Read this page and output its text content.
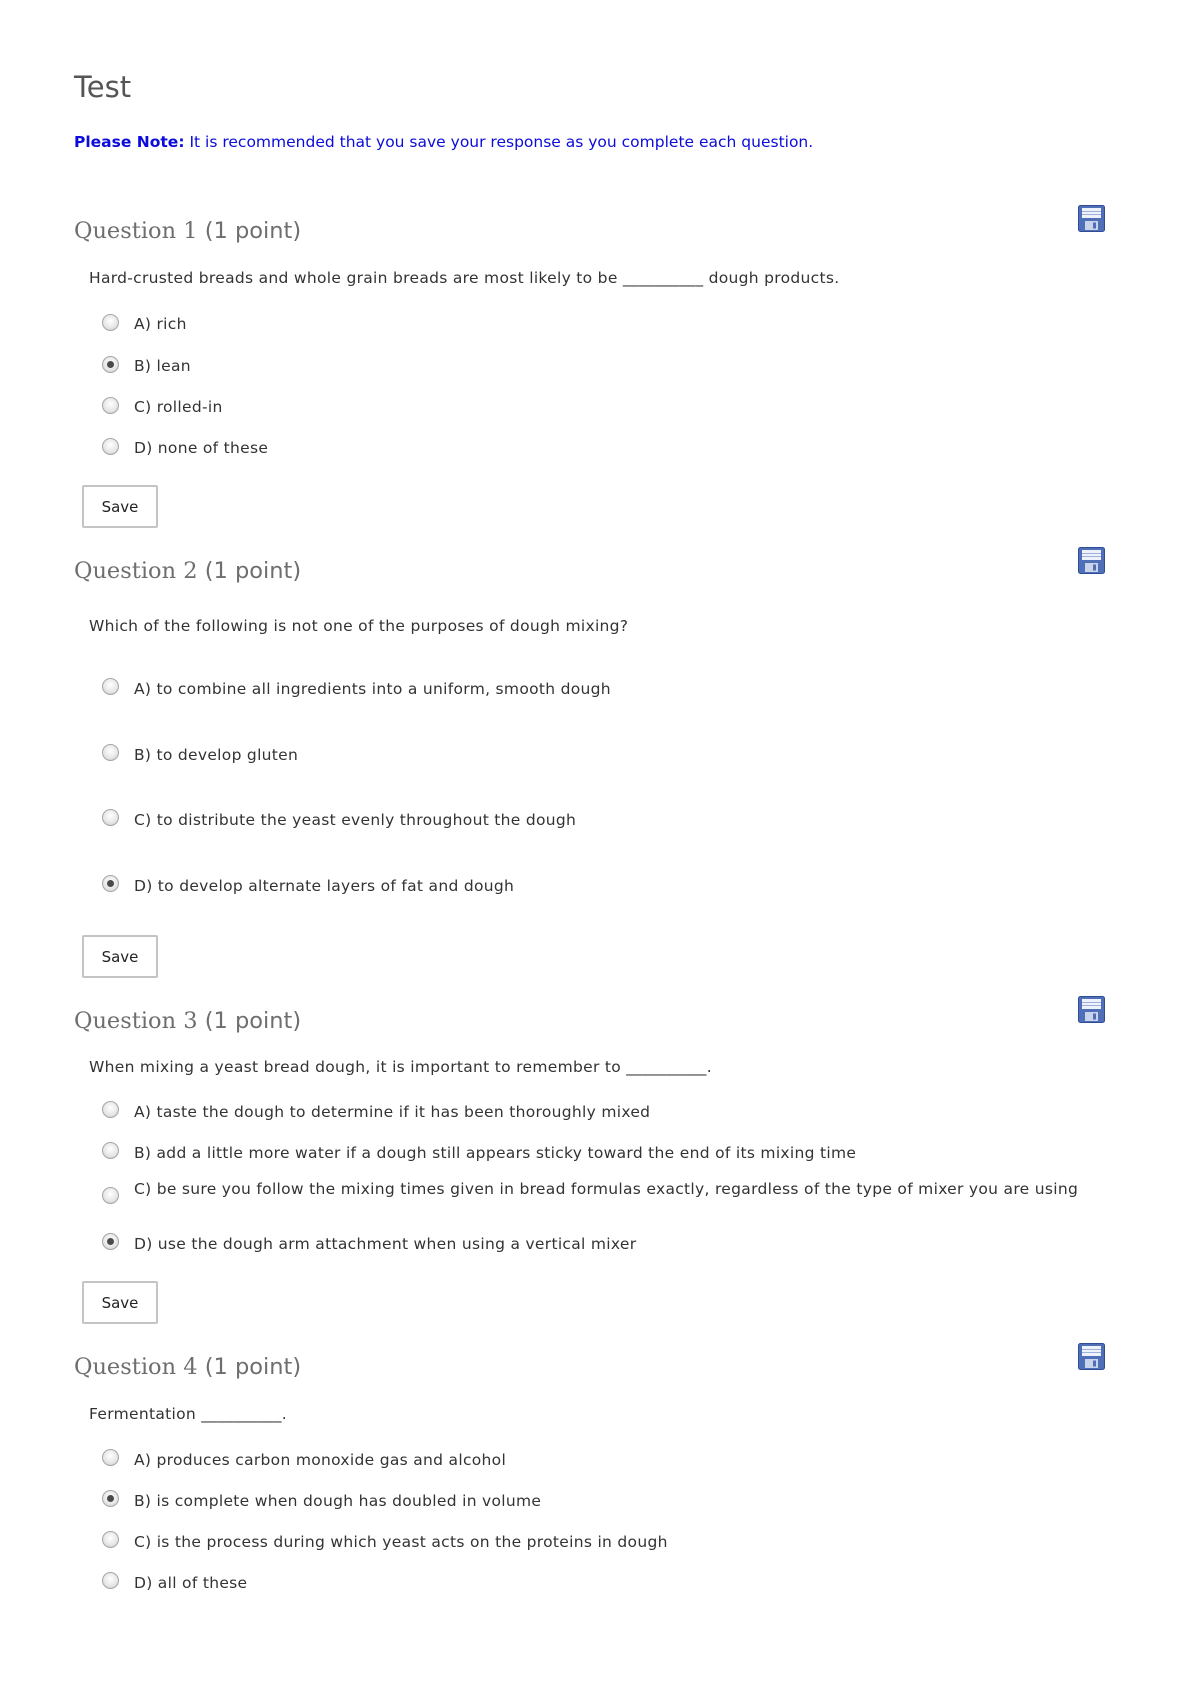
Test
Please Note: It is recommended that you save your response as you complete each question.
Question 1 (1 point)
Hard-crusted breads and whole grain breads are most likely to be __________ dough products.
A) rich
B) lean
C) rolled-in
D) none of these
Save
Question 2 (1 point)
Which of the following is not one of the purposes of dough mixing?
A) to combine all ingredients into a uniform, smooth dough
B) to develop gluten
C) to distribute the yeast evenly throughout the dough
D) to develop alternate layers of fat and dough
Save
Question 3 (1 point)
When mixing a yeast bread dough, it is important to remember to __________.
A) taste the dough to determine if it has been thoroughly mixed
B) add a little more water if a dough still appears sticky toward the end of its mixing time
C) be sure you follow the mixing times given in bread formulas exactly, regardless of the type of mixer you are using
D) use the dough arm attachment when using a vertical mixer
Save
Question 4 (1 point)
Fermentation __________.
A) produces carbon monoxide gas and alcohol
B) is complete when dough has doubled in volume
C) is the process during which yeast acts on the proteins in dough
D) all of these
